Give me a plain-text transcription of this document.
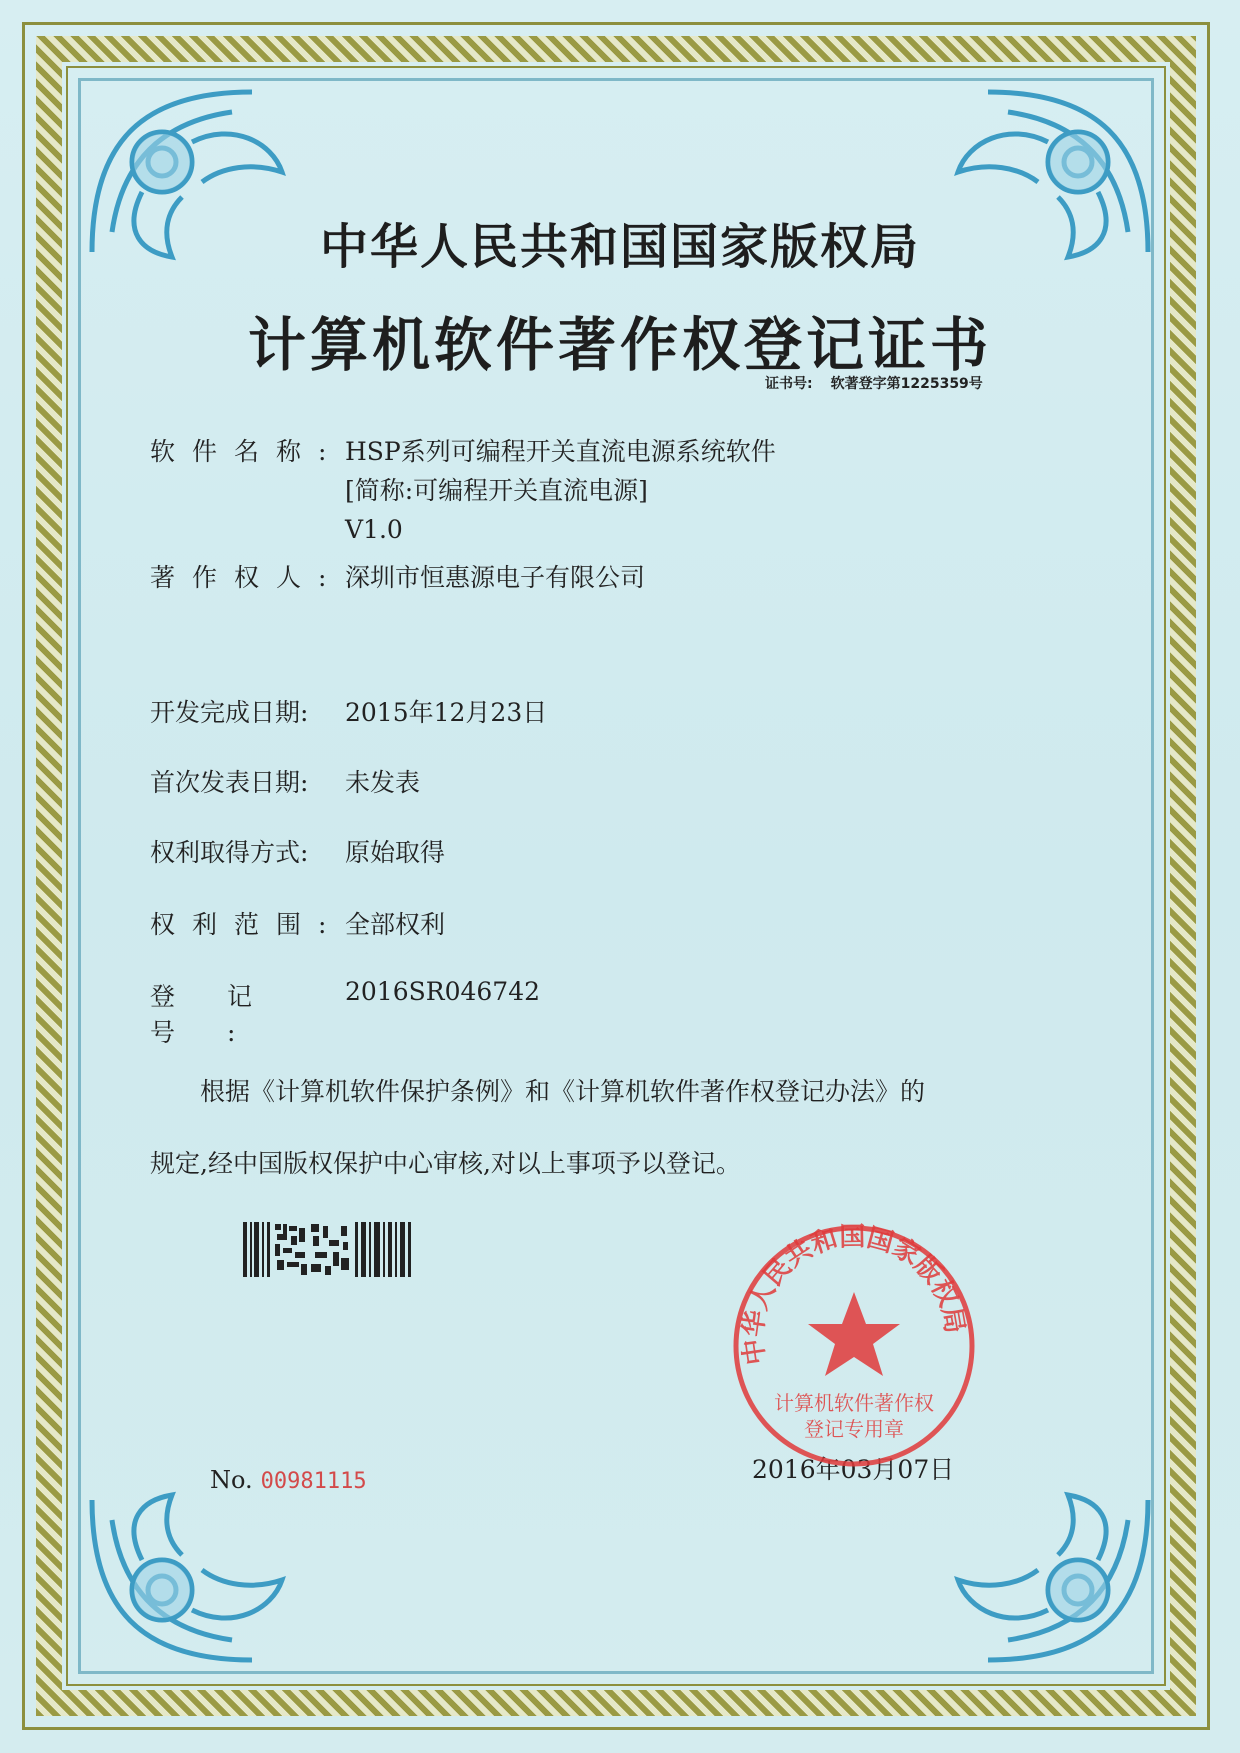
中华人民共和国国家版权局
计算机软件著作权登记证书
证书号: 软著登字第1225359号
软件名称: HSP系列可编程开关直流电源系统软件
[简称:可编程开关直流电源]
V1.0
著作权人:深圳市恒惠源电子有限公司
开发完成日期: 2015年12月23日
首次发表日期: 未发表
权利取得方式: 原始取得
权利范围:全部权利
登记号:2016SR046742
根据《计算机软件保护条例》和《计算机软件著作权登记办法》的
规定,经中国版权保护中心审核,对以上事项予以登记。
No. 00981115	2016年03月07日
中华人民共和国国家版权局
计算机软件著作权
登记专用章
